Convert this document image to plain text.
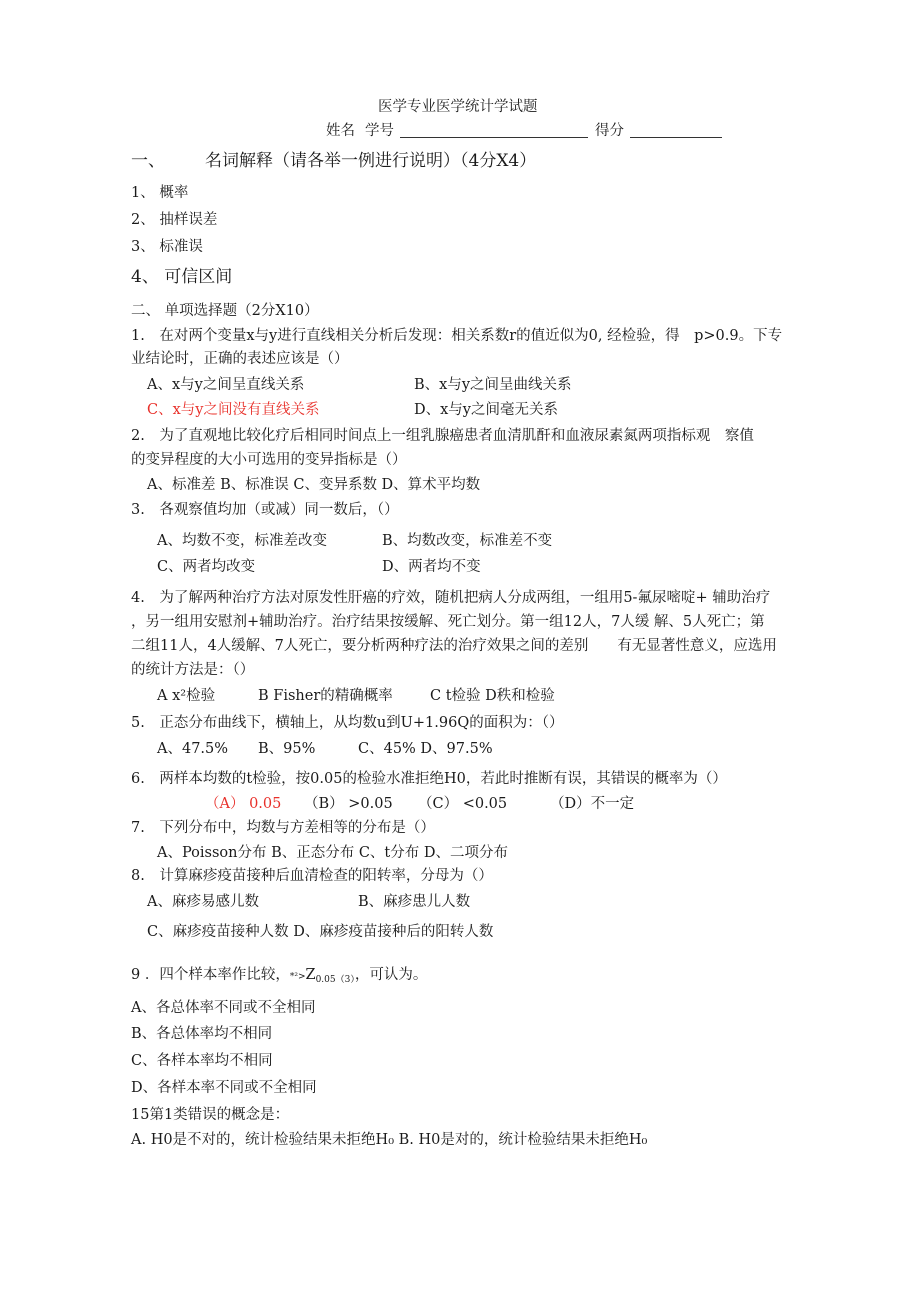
医学专业医学统计学试题
姓名 学号	得分
一、 名词解释（请各举一例进行说明）（4分X4）
1、 概率
2、 抽样误差
3、 标准误
4、 可信区间
二、 单项选择题（2分X10）
1.　在对两个变量x与y进行直线相关分析后发现：相关系数r的值近似为0, 经检验，得　p>0.9。下专
业结论时，正确的表述应该是（）
A、x与y之间呈直线关系	B、x与y之间呈曲线关系
C、x与y之间没有直线关系	D、x与y之间毫无关系
2.　为了直观地比较化疗后相同时间点上一组乳腺癌患者血清肌酐和血液尿素氮两项指标观　察值
的变异程度的大小可选用的变异指标是（）
A、标准差 B、标准误 C、变异系数 D、算术平均数
3.　各观察值均加（或减）同一数后，（）
A、均数不变，标准差改变	B、均数改变，标准差不变
C、两者均改变	D、两者均不变
4.　为了解两种治疗方法对原发性肝癌的疗效，随机把病人分成两组，一组用5-氟尿嘧啶+ 辅助治疗
，另一组用安慰剂+辅助治疗。治疗结果按缓解、死亡划分。第一组12人，7人缓 解、5人死亡；第
二组11人，4人缓解、7人死亡，要分析两种疗法的治疗效果之间的差别　　有无显著性意义，应选用
的统计方法是：（）
A x²检验	B Fisher的精确概率	C t检验 D秩和检验
5.　正态分布曲线下，横轴上，从均数u到U+1.96Q的面积为：（）
A、47.5% B、95%	C、45% D、97.5%
6.　两样本均数的t检验，按0.05的检验水准拒绝H0，若此时推断有误，其错误的概率为（）
（A） 0.05 （B） >0.05 （C） <0.05	（D）不一定
7.　下列分布中，均数与方差相等的分布是（）
A、Poisson分布 B、正态分布 C、t分布 D、二项分布
8.　计算麻疹疫苗接种后血清检查的阳转率，分母为（）
A、麻疹易感儿数	B、麻疹患儿人数
C、麻疹疫苗接种人数 D、麻疹疫苗接种后的阳转人数
9 ．四个样本率作比较，$*^2>Z_{0.05(3)}$，可认为。
A、各总体率不同或不全相同
B、各总体率均不相同
C、各样本率均不相同
D、各样本率不同或不全相同
15第1类错误的概念是：
A. H0是不对的，统计检验结果未拒绝H₀ B. H0是对的，统计检验结果未拒绝H₀
